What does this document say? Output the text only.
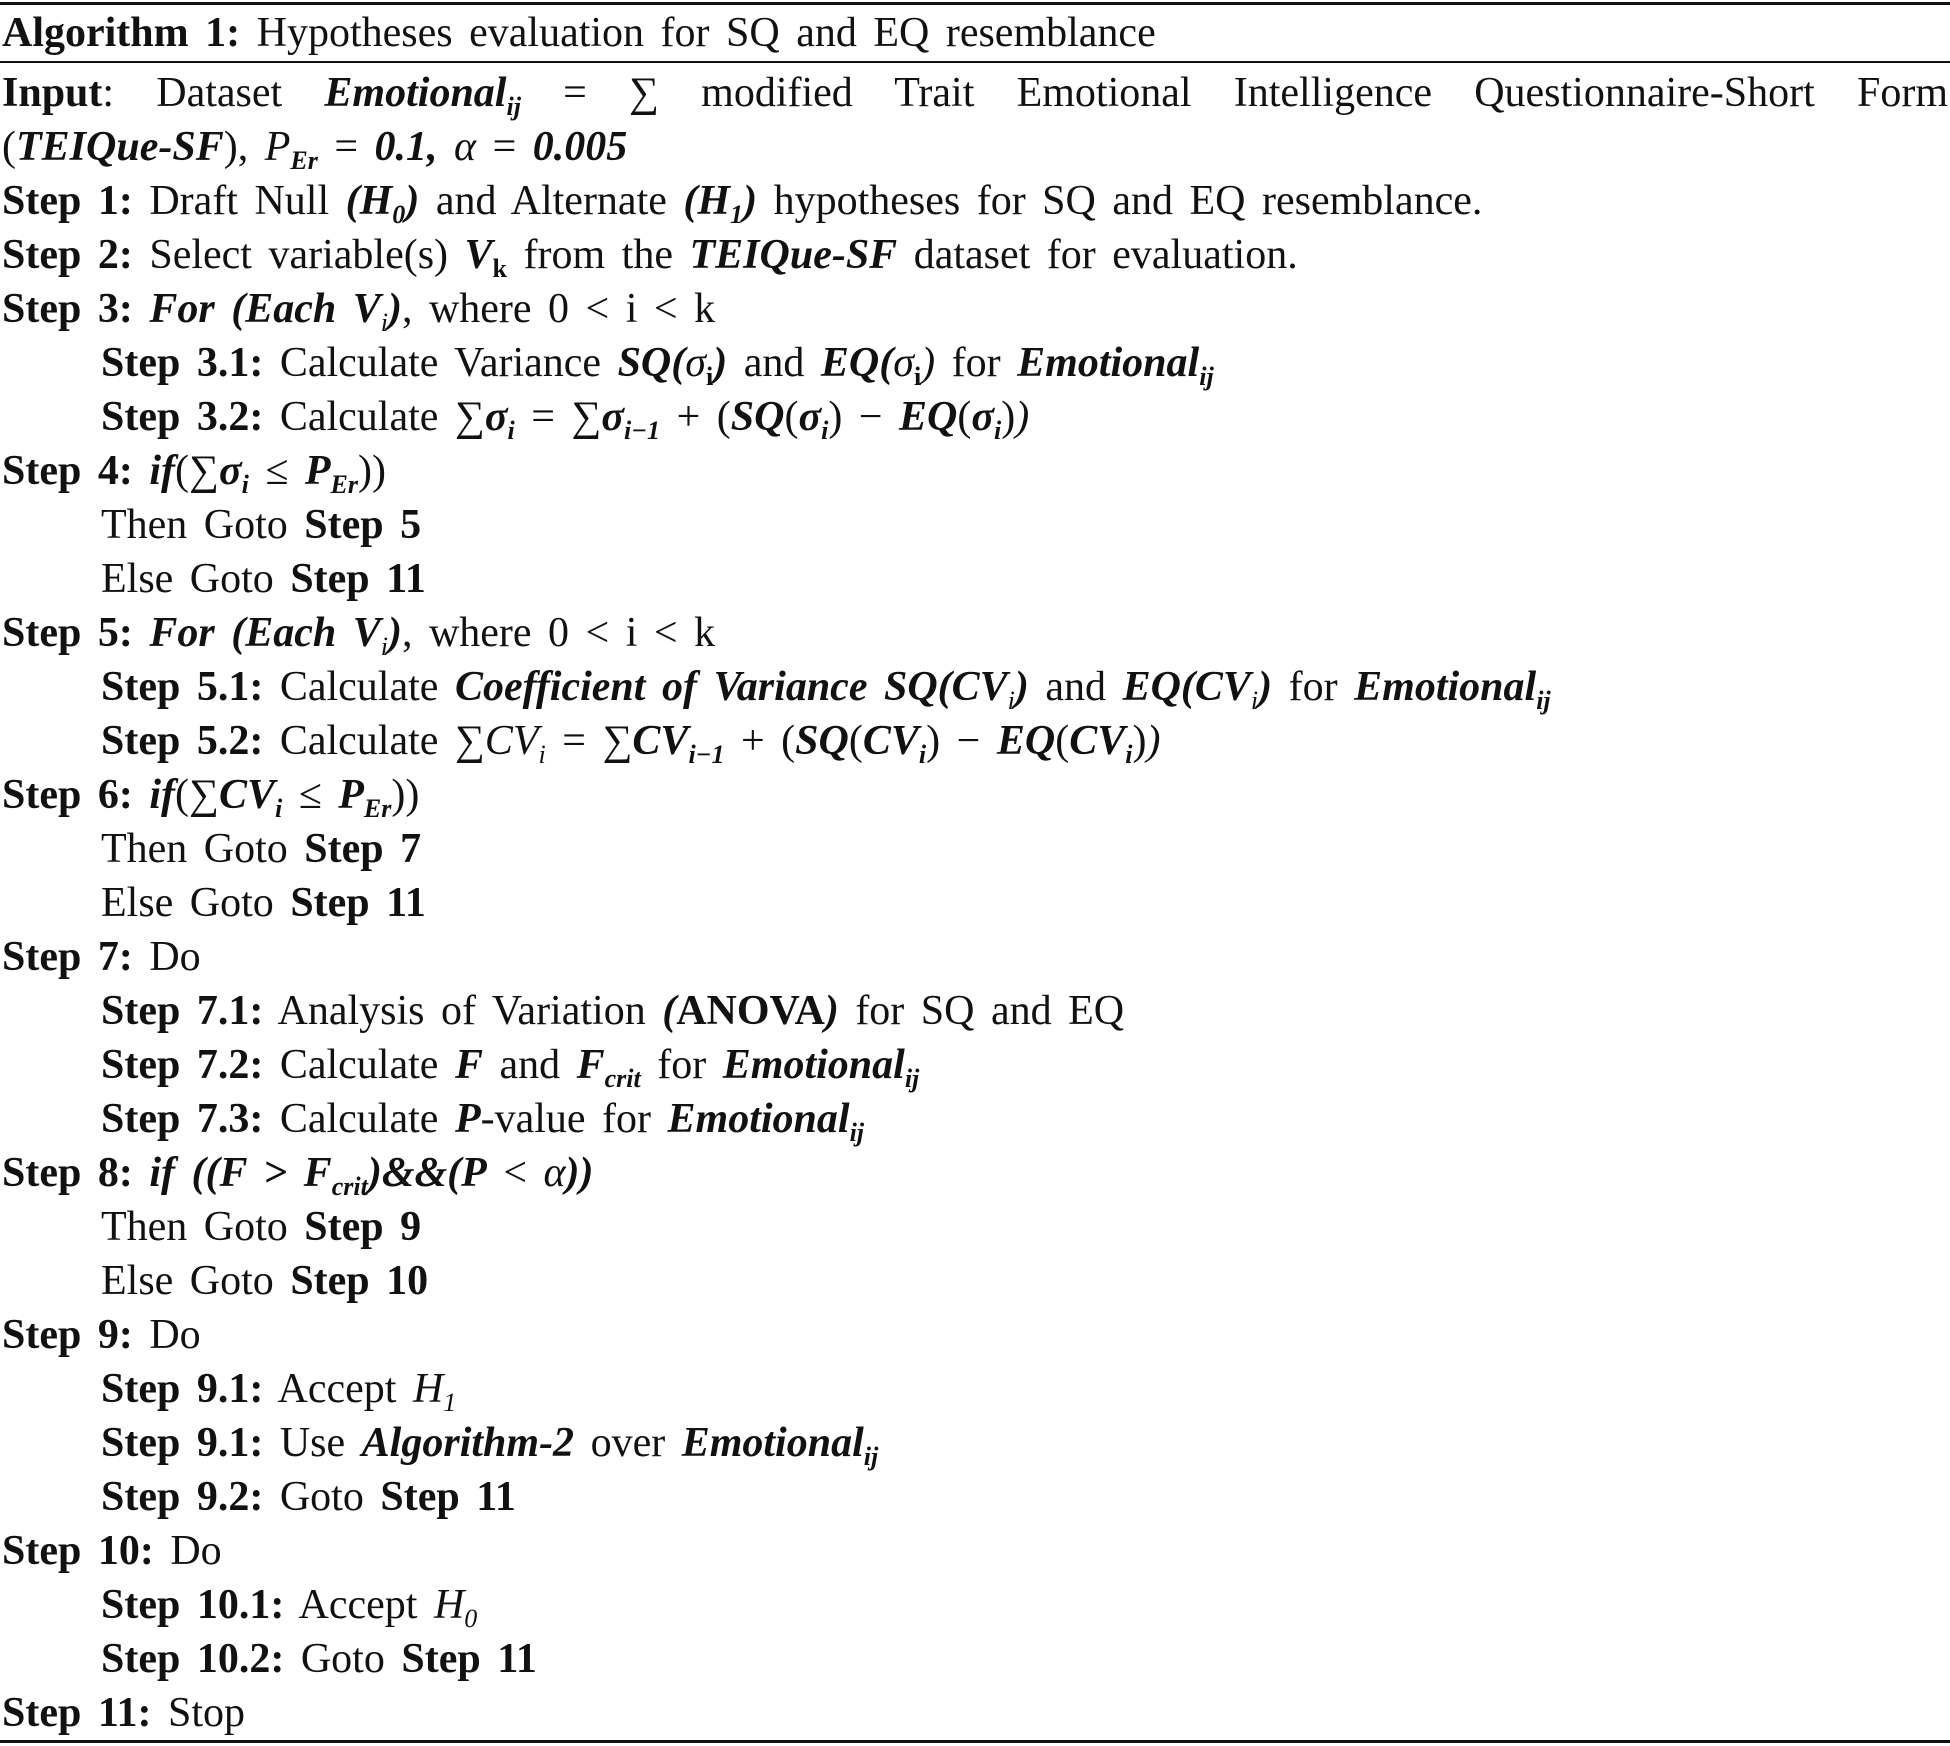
Algorithm 1: Hypotheses evaluation for SQ and EQ resemblance
Input: Dataset Emotional$_{ij}$ = ∑ modified Trait Emotional Intelligence Questionnaire-Short Form
(TEIQue-SF), $P_{Er} = 0.1$, α = 0.005
Step 1: Draft Null $(H_0)$ and Alternate $(H_1)$ hypotheses for SQ and EQ resemblance.
Step 2: Select variable(s) $V_k$ from the TEIQue-SF dataset for evaluation.
Step 3: For (Each $V_i$), where 0 < i < k
Step 3.1: Calculate Variance $SQ(\sigma_i)$ and $EQ(\sigma_i)$ for Emotional$_{ij}$
Step 3.2: Calculate $\sum\sigma_i = \sum\sigma_{i-1} + (SQ(\sigma_i) - EQ(\sigma_i))$
Step 4: $if(\sum\sigma_i \le P_{Er})$)
Then Goto Step 5
Else Goto Step 11
Step 5: For (Each $V_i$), where 0 < i < k
Step 5.1: Calculate Coefficient of Variance $SQ(CV_i)$ and $EQ(CV_i)$ for Emotional$_{ij}$
Step 5.2: Calculate $\sum CV_i = \sum CV_{i-1} + (SQ(CV_i) - EQ(CV_i))$
Step 6: $if(\sum CV_i \le P_{Er})$)
Then Goto Step 7
Else Goto Step 11
Step 7: Do
Step 7.1: Analysis of Variation (ANOVA) for SQ and EQ
Step 7.2: Calculate F and $F_{crit}$ for Emotional$_{ij}$
Step 7.3: Calculate P-value for Emotional$_{ij}$
Step 8: if $((F > F_{crit})\&\&(P < \alpha))$
Then Goto Step 9
Else Goto Step 10
Step 9: Do
Step 9.1: Accept $H_1$
Step 9.1: Use Algorithm-2 over Emotional$_{ij}$
Step 9.2: Goto Step 11
Step 10: Do
Step 10.1: Accept $H_0$
Step 10.2: Goto Step 11
Step 11: Stop
